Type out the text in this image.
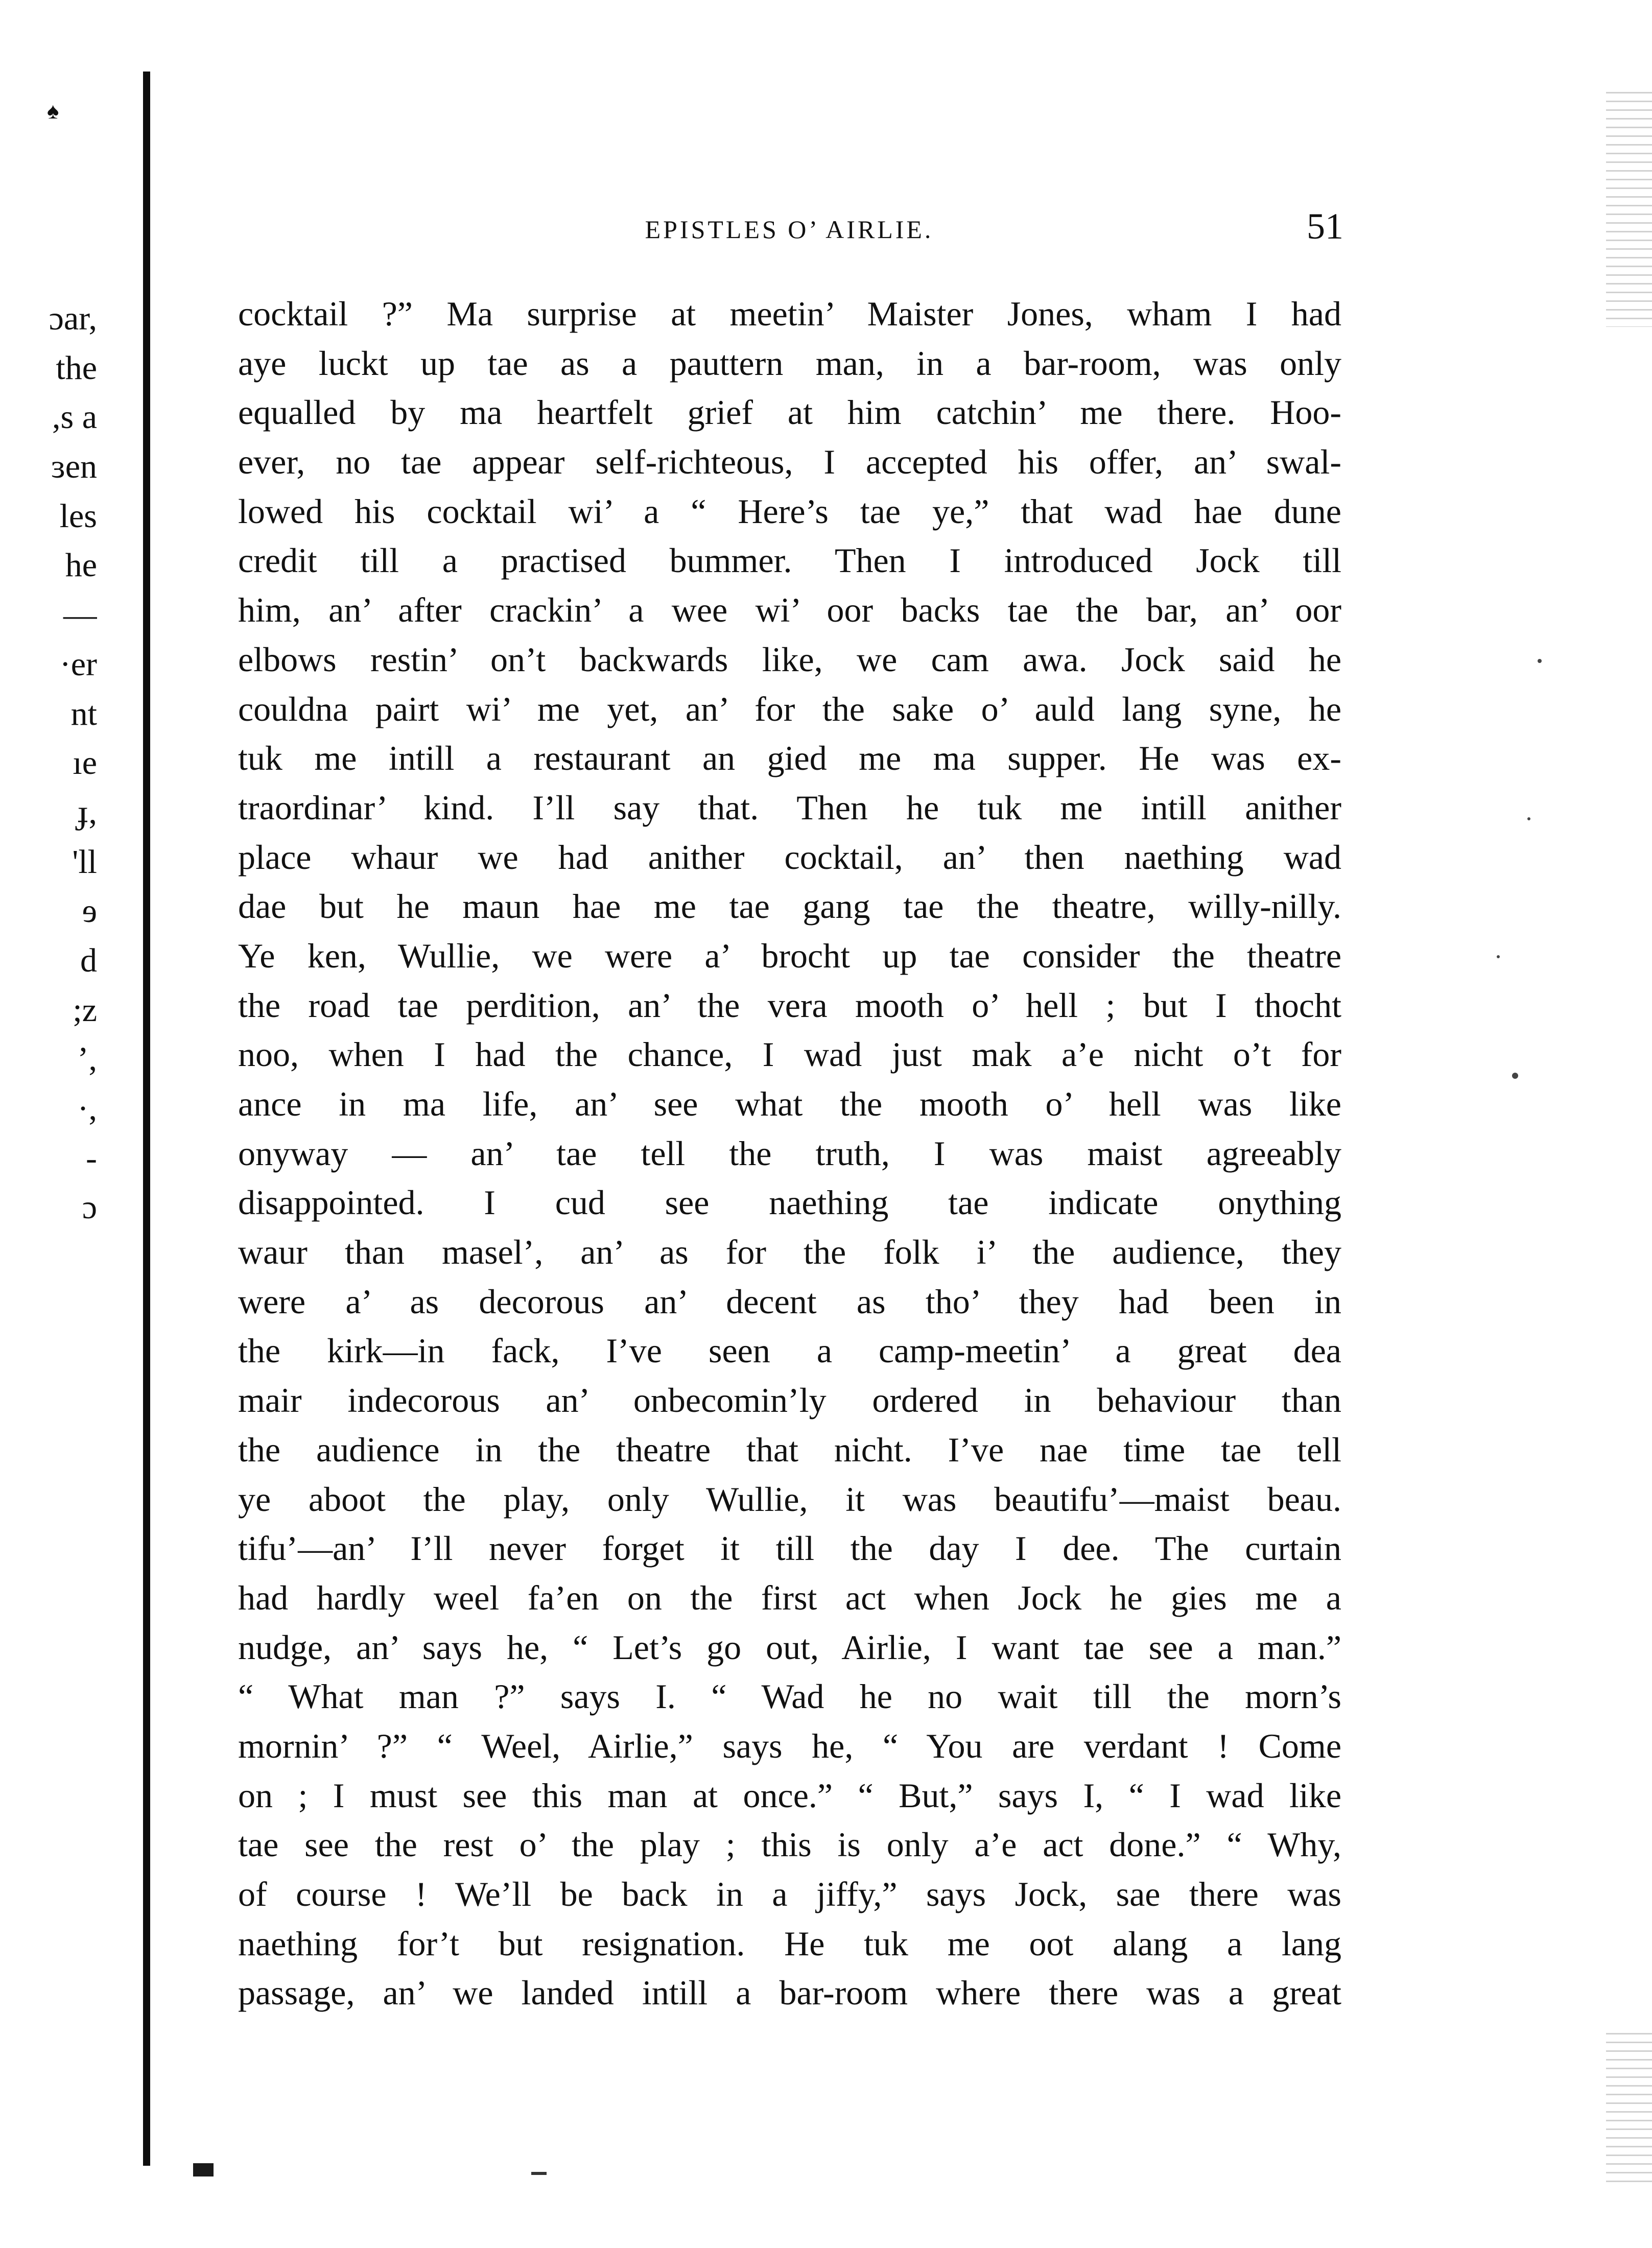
♠
ɔar,
the
,s a
ɜen
les
he
—
·er
nt
ıe
ɟ,
'll
ɘ
d
;z
’,
·,
-
ɔ
EPISTLES O’ AIRLIE.	51
cocktail ?” Ma surprise at meetin’ Maister Jones, wham I had
aye luckt up tae as a pauttern man, in a bar-room, was only
equalled by ma heartfelt grief at him catchin’ me there. Hoo-
ever, no tae appear self-richteous, I accepted his offer, an’ swal-
lowed his cocktail wi’ a “ Here’s tae ye,” that wad hae dune
credit till a practised bummer. Then I introduced Jock till
him, an’ after crackin’ a wee wi’ oor backs tae the bar, an’ oor
elbows restin’ on’t backwards like, we cam awa. Jock said he
couldna pairt wi’ me yet, an’ for the sake o’ auld lang syne, he
tuk me intill a restaurant an gied me ma supper. He was ex-
traordinar’ kind. I’ll say that. Then he tuk me intill anither
place whaur we had anither cocktail, an’ then naething wad
dae but he maun hae me tae gang tae the theatre, willy-nilly.
Ye ken, Wullie, we were a’ brocht up tae consider the theatre
the road tae perdition, an’ the vera mooth o’ hell ; but I thocht
noo, when I had the chance, I wad just mak a’e nicht o’t for
ance in ma life, an’ see what the mooth o’ hell was like
onyway — an’ tae tell the truth, I was maist agreeably
disappointed. I cud see naething tae indicate onything
waur than masel’, an’ as for the folk i’ the audience, they
were a’ as decorous an’ decent as tho’ they had been in
the kirk—in fack, I’ve seen a camp-meetin’ a great dea
mair indecorous an’ onbecomin’ly ordered in behaviour than
the audience in the theatre that nicht. I’ve nae time tae tell
ye aboot the play, only Wullie, it was beautifu’—maist beau.
tifu’—an’ I’ll never forget it till the day I dee. The curtain
had hardly weel fa’en on the first act when Jock he gies me a
nudge, an’ says he, “ Let’s go out, Airlie, I want tae see a man.”
“ What man ?” says I. “ Wad he no wait till the morn’s
mornin’ ?” “ Weel, Airlie,” says he, “ You are verdant ! Come
on ; I must see this man at once.” “ But,” says I, “ I wad like
tae see the rest o’ the play ; this is only a’e act done.” “ Why,
of course ! We’ll be back in a jiffy,” says Jock, sae there was
naething for’t but resignation. He tuk me oot alang a lang
passage, an’ we landed intill a bar-room where there was a great
